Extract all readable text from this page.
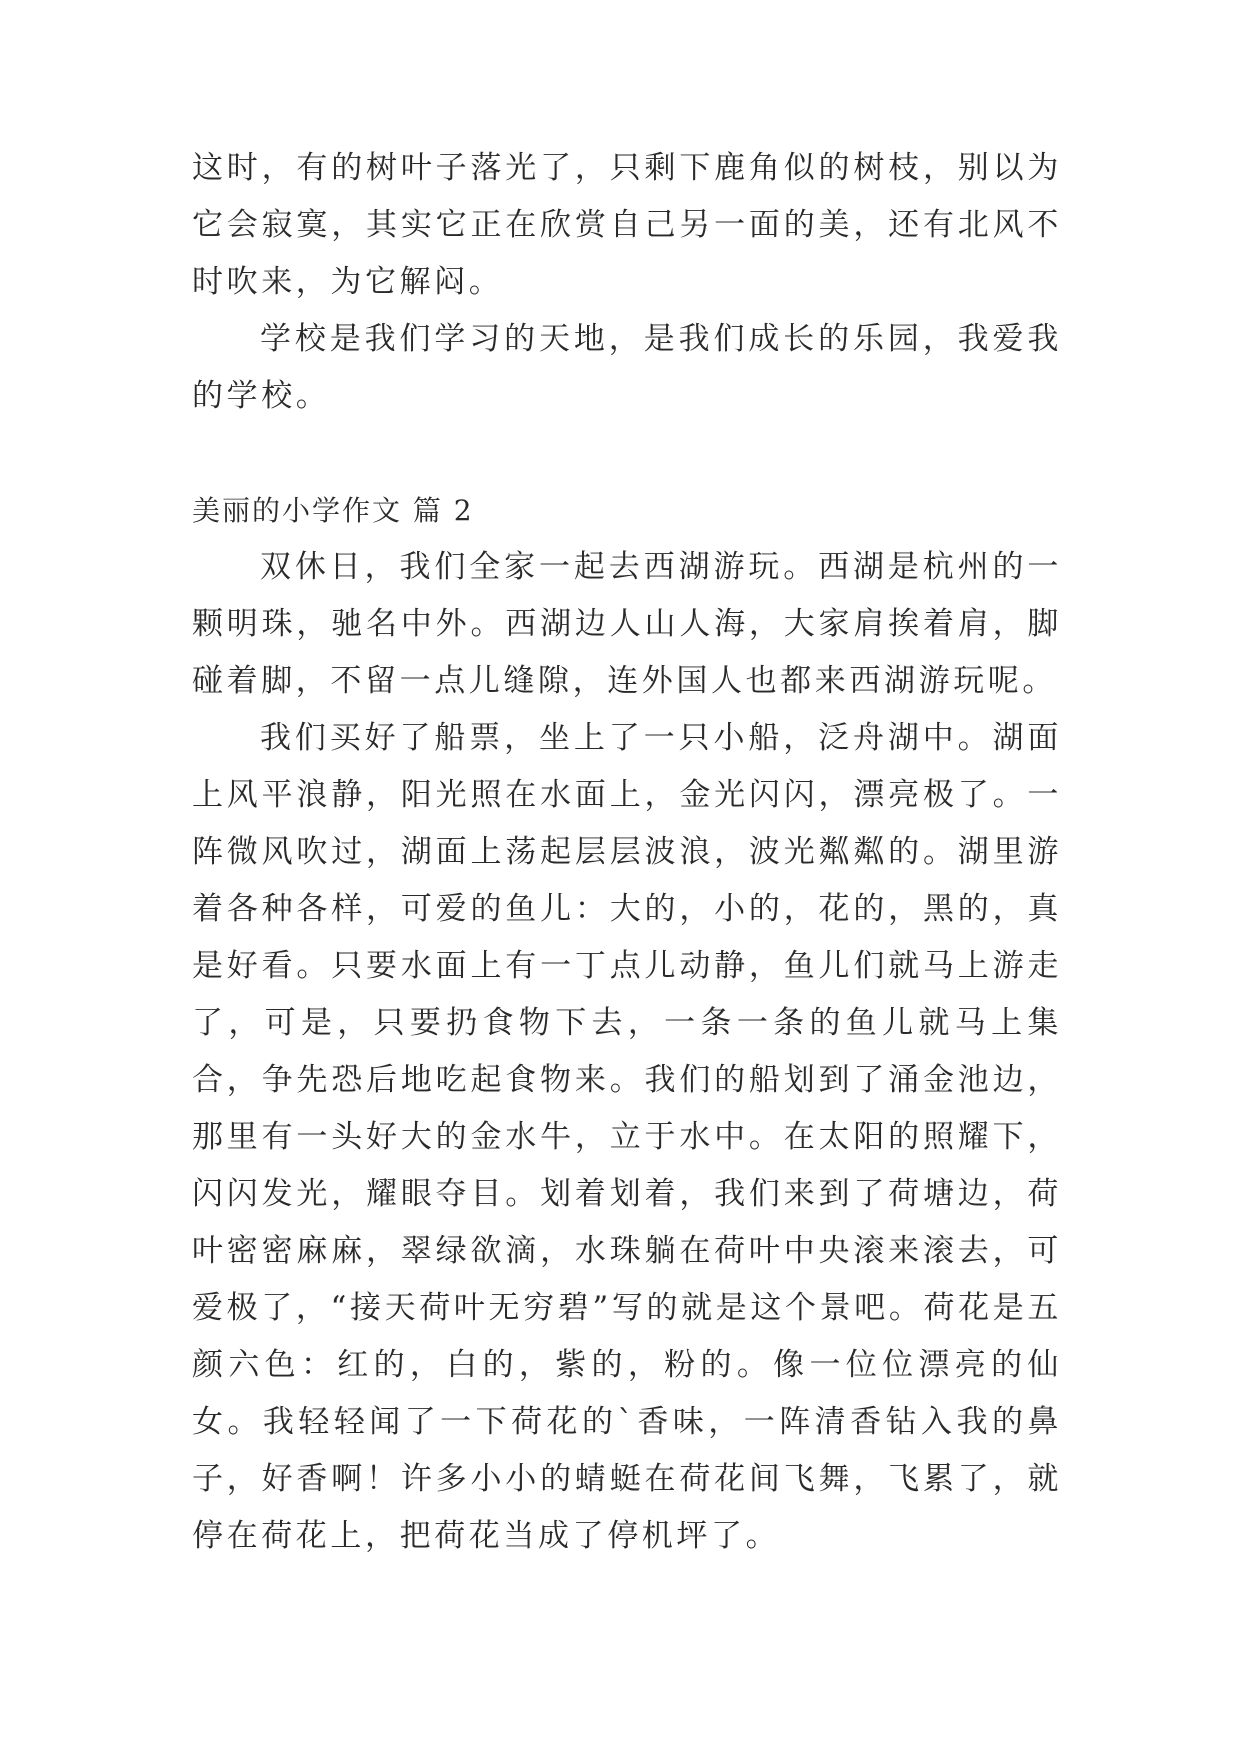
这时，有的树叶子落光了，只剩下鹿角似的树枝，别以为它会寂寞，其实它正在欣赏自己另一面的美，还有北风不时吹来，为它解闷。

学校是我们学习的天地，是我们成长的乐园，我爱我的学校。

美丽的小学作文 篇 2

双休日，我们全家一起去西湖游玩。西湖是杭州的一颗明珠，驰名中外。西湖边人山人海，大家肩挨着肩，脚碰着脚，不留一点儿缝隙，连外国人也都来西湖游玩呢。

我们买好了船票，坐上了一只小船，泛舟湖中。湖面上风平浪静，阳光照在水面上，金光闪闪，漂亮极了。一阵微风吹过，湖面上荡起层层波浪，波光粼粼的。湖里游着各种各样，可爱的鱼儿：大的，小的，花的，黑的，真是好看。只要水面上有一丁点儿动静，鱼儿们就马上游走了，可是，只要扔食物下去，一条一条的鱼儿就马上集合，争先恐后地吃起食物来。我们的船划到了涌金池边，那里有一头好大的金水牛，立于水中。在太阳的照耀下，闪闪发光，耀眼夺目。划着划着，我们来到了荷塘边，荷叶密密麻麻，翠绿欲滴，水珠躺在荷叶中央滚来滚去，可爱极了，“接天荷叶无穷碧”写的就是这个景吧。荷花是五颜六色：红的，白的，紫的，粉的。像一位位漂亮的仙女。我轻轻闻了一下荷花的`香味，一阵清香钻入我的鼻子，好香啊！许多小小的蜻蜓在荷花间飞舞，飞累了，就停在荷花上，把荷花当成了停机坪了。
